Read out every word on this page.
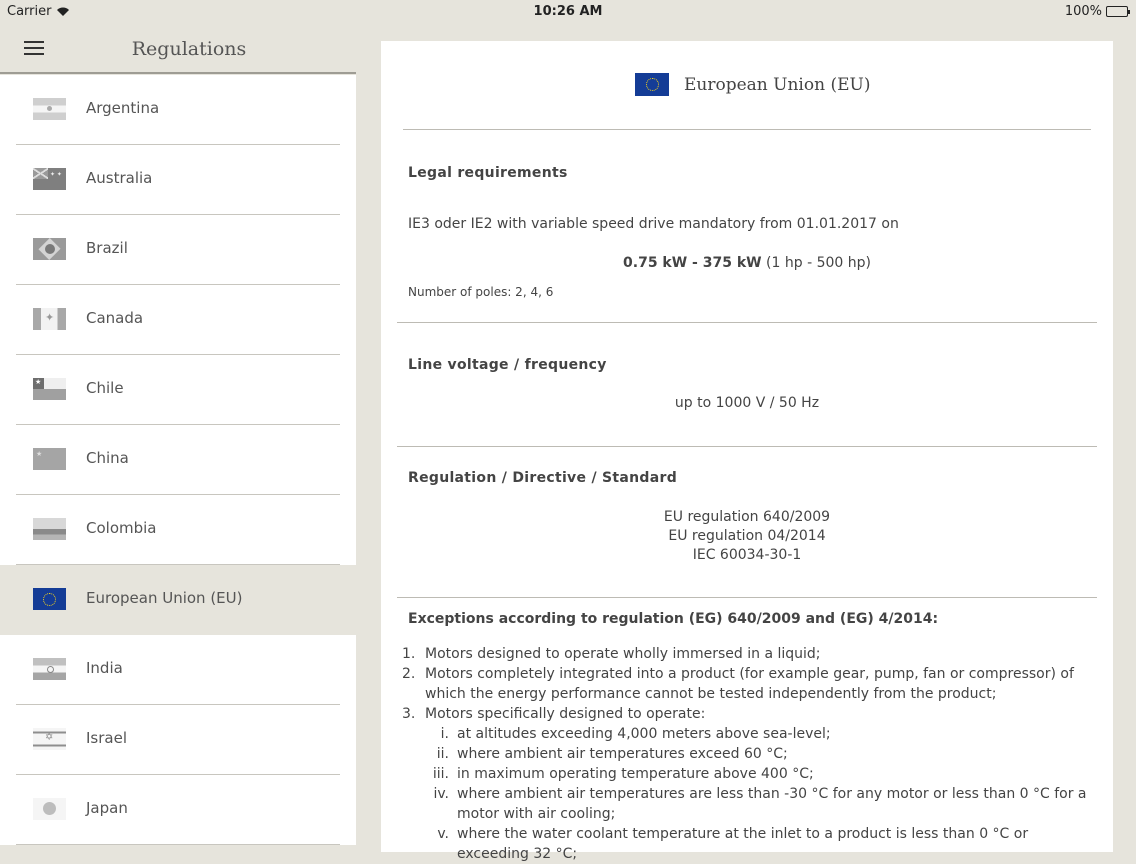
Carrier	10:26 AM	100%
Regulations
Argentina
✦ ✦
Australia
Brazil
✦
Canada
★
Chile
★
China
Colombia
European Union (EU)
India
✡
Israel
Japan
European Union (EU)
Legal requirements
IE3 oder IE2 with variable speed drive mandatory from 01.01.2017 on
0.75 kW - 375 kW (1 hp - 500 hp)
Number of poles: 2, 4, 6
Line voltage / frequency
up to 1000 V / 50 Hz
Regulation / Directive / Standard
EU regulation 640/2009
EU regulation 04/2014
IEC 60034-30-1
Exceptions according to regulation (EG) 640/2009 and (EG) 4/2014:
1. Motors designed to operate wholly immersed in a liquid;
2. Motors completely integrated into a product (for example gear, pump, fan or compressor) of which the energy performance cannot be tested independently from the product;
3. Motors specifically designed to operate:
i. at altitudes exceeding 4,000 meters above sea-level;
ii. where ambient air temperatures exceed 60 °C;
iii. in maximum operating temperature above 400 °C;
iv. where ambient air temperatures are less than -30 °C for any motor or less than 0 °C for a motor with air cooling;
v. where the water coolant temperature at the inlet to a product is less than 0 °C or exceeding 32 °C;
